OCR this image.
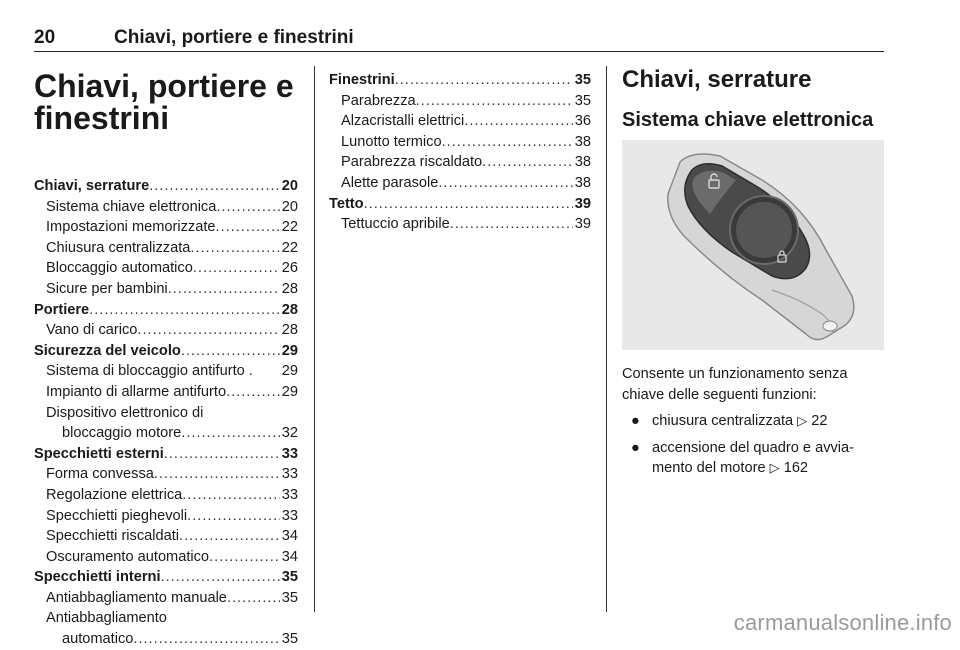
20	Chiavi, portiere e finestrini
Chiavi, portiere e
finestrini
Chiavi, serrature .....	20
Sistema chiave elettronica .....	20
Impostazioni memorizzate .....	22
Chiusura centralizzata .....	22
Bloccaggio automatico .....	26
Sicure per bambini .....	28
Portiere .....	28
Vano di carico .....	28
Sicurezza del veicolo .....	29
Sistema di bloccaggio antifurto . 29
Impianto di allarme antifurto .....	29
Dispositivo elettronico di
bloccaggio motore .....	32
Specchietti esterni .....	33
Forma convessa .....	33
Regolazione elettrica .....	33
Specchietti pieghevoli .....	33
Specchietti riscaldati .....	34
Oscuramento automatico .....	34
Specchietti interni .....	35
Antiabbagliamento manuale .....	35
Antiabbagliamento
automatico .....	35
Finestrini .....	35
Parabrezza .....	35
Alzacristalli elettrici .....	36
Lunotto termico .....	38
Parabrezza riscaldato .....	38
Alette parasole .....	38
Tetto .....	39
Tettuccio apribile .....	39
Chiavi, serrature
Sistema chiave elettronica
Consente un funzionamento senza
chiave delle seguenti funzioni:
● chiusura centralizzata ▷ 22
● accensione del quadro e avvia-
mento del motore ▷ 162
carmanualsonline.info
